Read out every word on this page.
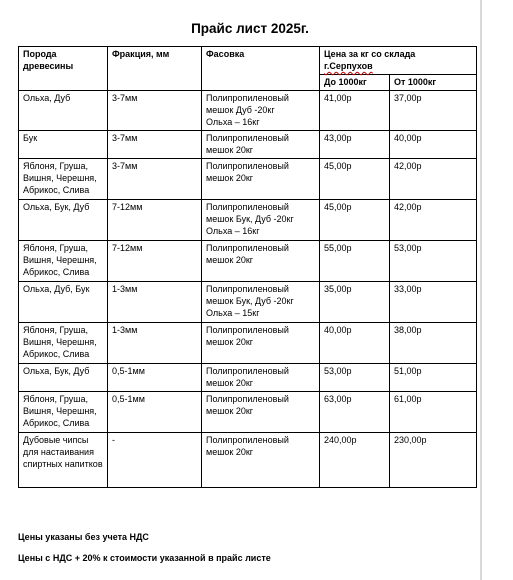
Прайс лист 2025г.
Порода древесины	Фракция, мм	Фасовка	Цена за кг со склада
г.Серпухов	
			До 1000кг	От 1000кг
Ольха, Дуб	3-7мм	Полипропиленовый
мешок Дуб -20кг
Ольха – 16кг	41,00р	37,00р
Бук	3-7мм	Полипропиленовый
мешок 20кг	43,00р	40,00р
Яблоня, Груша, Вишня, Черешня, Абрикос, Слива	3-7мм	Полипропиленовый
мешок 20кг	45,00р	42,00р
Ольха, Бук, Дуб	7-12мм	Полипропиленовый
мешок Бук, Дуб -20кг
Ольха – 16кг	45,00р	42,00р
Яблоня, Груша, Вишня, Черешня, Абрикос, Слива	7-12мм	Полипропиленовый
мешок 20кг	55,00р	53,00р
Ольха, Дуб, Бук	1-3мм	Полипропиленовый
мешок Бук, Дуб -20кг
Ольха – 15кг	35,00р	33,00р
Яблоня, Груша, Вишня, Черешня, Абрикос, Слива	1-3мм	Полипропиленовый
мешок 20кг	40,00р	38,00р
Ольха, Бук, Дуб	0,5-1мм	Полипропиленовый
мешок 20кг	53,00р	51,00р
Яблоня, Груша, Вишня, Черешня, Абрикос, Слива	0,5-1мм	Полипропиленовый
мешок 20кг	63,00р	61,00р
Дубовые чипсы для настаивания спиртных напитков	-	Полипропиленовый
мешок 20кг	240,00р	230,00р
Цены указаны без учета НДС
Цены с НДС + 20% к стоимости указанной в прайс листе
